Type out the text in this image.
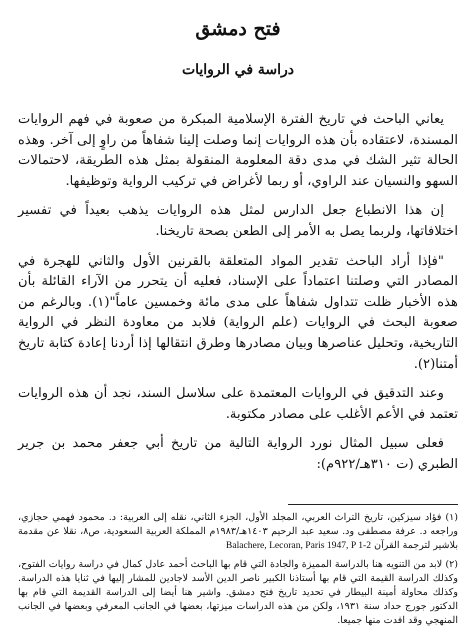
فتح دمشق
دراسة في الروايات

يعاني الباحث في تاريخ الفترة الإسلامية المبكرة من صعوبة في فهم الروايات المسندة، لاعتقاده بأن هذه الروايات إنما وصلت إلينا شفاهاً من راوٍ إلى آخر. وهذه الحالة تثير الشك في مدى دقة المعلومة المنقولة بمثل هذه الطريقة، لاحتمالات السهو والنسيان عند الراوي، أو ربما لأغراض في تركيب الرواية وتوظيفها.

إن هذا الانطباع جعل الدارس لمثل هذه الروايات يذهب بعيداً في تفسير اختلافاتها، ولربما يصل به الأمر إلى الطعن بصحة تاريخنا.

"فإذا أراد الباحث تقدير المواد المتعلقة بالقرنين الأول والثاني للهجرة في المصادر التي وصلتنا اعتماداً على الإسناد، فعليه أن يتحرر من الآراء القائلة بأن هذه الأخبار ظلت تتداول شفاهاً على مدى مائة وخمسين عاماً"(١). وبالرغم من صعوبة البحث في الروايات (علم الرواية) فلابد من معاودة النظر في الرواية التاريخية، وتحليل عناصرها وبيان مصادرها وطرق انتقالها إذا أردنا إعادة كتابة تاريخ أمتنا(٢).

وعند التدقيق في الروايات المعتمدة على سلاسل السند، نجد أن هذه الروايات تعتمد في الأعم الأغلب على مصادر مكتوبة.

فعلى سبيل المثال نورد الرواية التالية من تاريخ أبي جعفر محمد بن جرير الطبري (ت ٣١٠هـ/٩٢٢م):

(١) فؤاد سيزكين، تاريخ التراث العربي، المجلد الأول، الجزء الثاني، نقله إلى العربية: د. محمود فهمي حجازي، وراجعه د. عرفة مصطفى ود. سعيد عبد الرحيم ١٤٠٣هـ/١٩٨٣م المملكة العربية السعودية، ص٨، نقلا عن مقدمة بلاشير لترجمة القرآن Balachere, Lecoran, Paris 1947, P 1-2

(٢) لابد من التنويه هنا بالدراسة المميزة والجادة التي قام بها الباحث أحمد عادل كمال في دراسة روايات الفتوح، وكذلك الدراسة القيمة التي قام بها أستاذنا الكبير ناصر الدين الأسد لاجادين للمشار إليها في ثنايا هذه الدراسة. وكذلك محاولة أمينة البيطار في تحديد تاريخ فتح دمشق. واشير هنا أيضا إلى الدراسة القديمة التي قام بها الدكتور جورج حداد سنة ١٩٣١، ولكن من هذه الدراسات ميزتها، بعضها في الجانب المعرفي وبعضها في الجانب المنهجي وقد افدت منها جميعا.
